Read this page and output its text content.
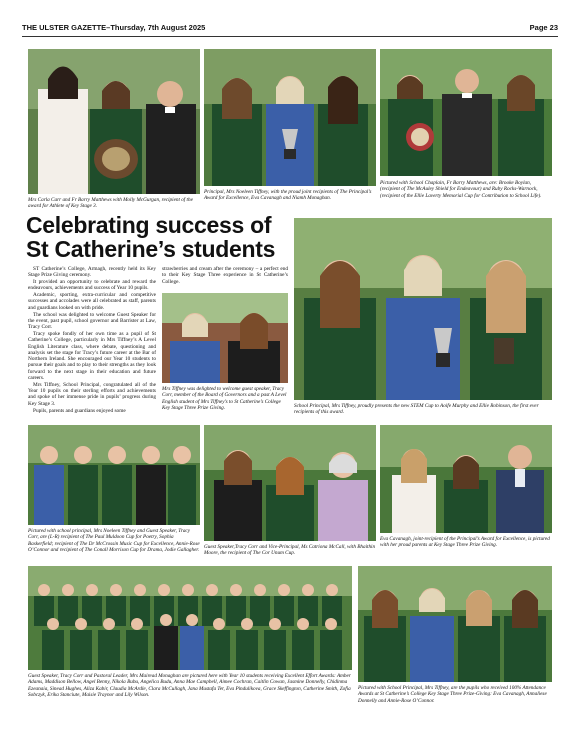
THE ULSTER GAZETTE–Thursday, 7th August 2025	Page 23
Mrs Carla Carr and Fr Barry Matthews with Molly McGurgan, recipient of the award for Athlete of Key Stage 3.
Principal, Mrs Noeleen Tiffney, with the proud joint recipients of The Principal’s Award for Excellence, Eva Cavanagh and Niamh Monaghan.
Pictured with School Chaplain, Fr Barry Matthews, are: Brooke Boylan, (recipient of The McAuley Shield for Endeavour) and Ruby Rocks-Warnock, (recipient of the Ellie Laverty Memorial Cup for Contribution to School Life).
Celebrating success of
St Catherine’s students

ST Catherine’s College, Armagh, recently held its Key Stage Prize Giving ceremony.

It provided an opportunity to celebrate and reward the endeavours, achievements and success of Year 10 pupils.

Academic, sporting, extra-curricular and competitive successes and accolades were all celebrated as staff, parents and guardians looked on with pride.

The school was delighted to welcome Guest Speaker for the event, past pupil, school governor and Barrister at Law, Tracy Corr.

Tracy spoke fondly of her own time as a pupil of St Catherine’s College, particularly in Mrs Tiffney’s A Level English Literature class, where debate, questioning and analysis set the stage for Tracy’s future career at the Bar of Northern Ireland. She encouraged our Year 10 students to pursue their goals and to play to their strengths as they look forward to the next stage in their education and future careers.

Mrs Tiffney, School Principal, congratulated all of the Year 10 pupils on their sterling efforts and achievements and spoke of her immense pride in pupils’ progress during Key Stage 3.

Pupils, parents and guardians enjoyed some

strawberries and cream after the ceremony – a perfect end to their Key Stage Three experience in St Catherine’s College.

Mrs Tiffney was delighted to welcome guest speaker, Tracy Corr, member of the Board of Governors and a past A Level English student of Mrs Tiffney’s to St Catherine’s College Key Stage Three Prize Giving.	School Principal, Mrs Tiffney, proudly presents the new STEM Cup to Aoife Murphy and Ellie Robinson, the first ever recipients of this award.
Pictured with school principal, Mrs Noeleen Tiffney and Guest Speaker, Tracy Corr, are (L-R) recipient of The Paul Muldoon Cup for Poetry, Sophia Baskerfield; recipient of The Dr McCrossin Music Cup for Excellence, Annie-Rose O’Connor and recipient of The Conall Morrison Cup for Drama, Jodie Gallagher. Guest Speaker,Tracy Corr and Vice-Principal, Ms Catriona McCall, with Bhaithin Moore, the recipient of The Cor Unum Cup.
Eva Cavanagh, joint-recipient of the Principal’s Award for Excellence, is pictured with her proud parents at Key Stage Three Prize Giving.
Guest Speaker, Tracy Corr and Pastoral Leader, Mrs Mairead Monaghan are pictured here with Year 10 students receiving Excellent Effort Awards: Amber Adams, Maddison Bellow, Angel Benny, Nikola Bubu, Angelica Budu, Anna Mae Campbell, Aimee Cochran, Caitlin Cowan, Jasmine Donnelly, Chidinma Ezeanaia, Sinead Hughes, Aliza Kabir, Claudia McArdle, Clara McCullagh, Jana Mustafa Ter, Eva Pindulikova, Grace Skeffington, Catherine Smith, Zofia Sobczyk, Erika Stanciute, Maisie Traynor and Lily Wilson.
Pictured with School Principal, Mrs Tiffney, are the pupils who received 100% Attendance Awards at St Catherine’s College Key Stage Three Prize-Giving: Eva Cavanagh, Annaliese Donnelly and Annie-Rose O’Connor.
